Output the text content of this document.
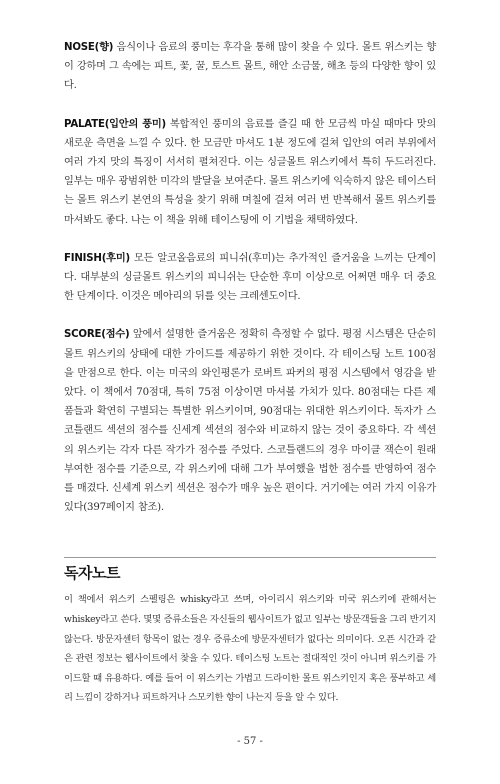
NOSE(향) 음식이나 음료의 풍미는 후각을 통해 많이 찾을 수 있다. 몰트 위스키는 향이 강하며 그 속에는 피트, 꽃, 꿀, 토스트 몰트, 해안 소금물, 해초 등의 다양한 향이 있다.

PALATE(입안의 풍미) 복합적인 풍미의 음료를 즐길 때 한 모금씩 마실 때마다 맛의 새로운 측면을 느낄 수 있다. 한 모금만 마셔도 1분 정도에 걸쳐 입안의 여러 부위에서 여러 가지 맛의 특징이 서서히 펼쳐진다. 이는 싱글몰트 위스키에서 특히 두드러진다. 일부는 매우 광범위한 미각의 발달을 보여준다. 몰트 위스키에 익숙하지 않은 테이스터는 몰트 위스키 본연의 특성을 찾기 위해 며칠에 걸쳐 여러 번 반복해서 몰트 위스키를 마셔봐도 좋다. 나는 이 책을 위해 테이스팅에 이 기법을 채택하였다.

FINISH(후미) 모든 알코올음료의 피니쉬(후미)는 추가적인 즐거움을 느끼는 단계이다. 대부분의 싱글몰트 위스키의 피니쉬는 단순한 후미 이상으로 어쩌면 매우 더 중요한 단계이다. 이것은 메아리의 뒤를 잇는 크레센도이다.

SCORE(점수) 앞에서 설명한 즐거움은 정확히 측정할 수 없다. 평점 시스템은 단순히 몰트 위스키의 상태에 대한 가이드를 제공하기 위한 것이다. 각 테이스팅 노트 100점을 만점으로 한다. 이는 미국의 와인평론가 로버트 파커의 평점 시스템에서 영감을 받았다. 이 책에서 70점대, 특히 75점 이상이면 마셔볼 가치가 있다. 80점대는 다른 제품들과 확연히 구별되는 특별한 위스키이며, 90점대는 위대한 위스키이다. 독자가 스코틀랜드 섹션의 점수를 신세계 섹션의 점수와 비교하지 않는 것이 중요하다. 각 섹션의 위스키는 각자 다른 작가가 점수를 주었다. 스코틀랜드의 경우 마이클 잭슨이 원래 부여한 점수를 기준으로, 각 위스키에 대해 그가 부여했을 법한 점수를 반영하여 점수를 매겼다. 신세계 위스키 섹션은 점수가 매우 높은 편이다. 거기에는 여러 가지 이유가 있다(397페이지 참조).

독자노트

이 책에서 위스키 스펠링은 whisky라고 쓰며, 아이리시 위스키와 미국 위스키에 관해서는 whiskey라고 쓴다. 몇몇 증류소들은 자신들의 웹사이트가 없고 일부는 방문객들을 그리 반기지 않는다. 방문자센터 항목이 없는 경우 증류소에 방문자센터가 없다는 의미이다. 오픈 시간과 같은 관련 정보는 웹사이트에서 찾을 수 있다. 테이스팅 노트는 절대적인 것이 아니며 위스키를 가이드할 때 유용하다. 예를 들어 이 위스키는 가볍고 드라이한 몰트 위스키인지 혹은 풍부하고 세리 느낌이 강하거나 피트하거나 스모키한 향이 나는지 등을 알 수 있다.

- 57 -
